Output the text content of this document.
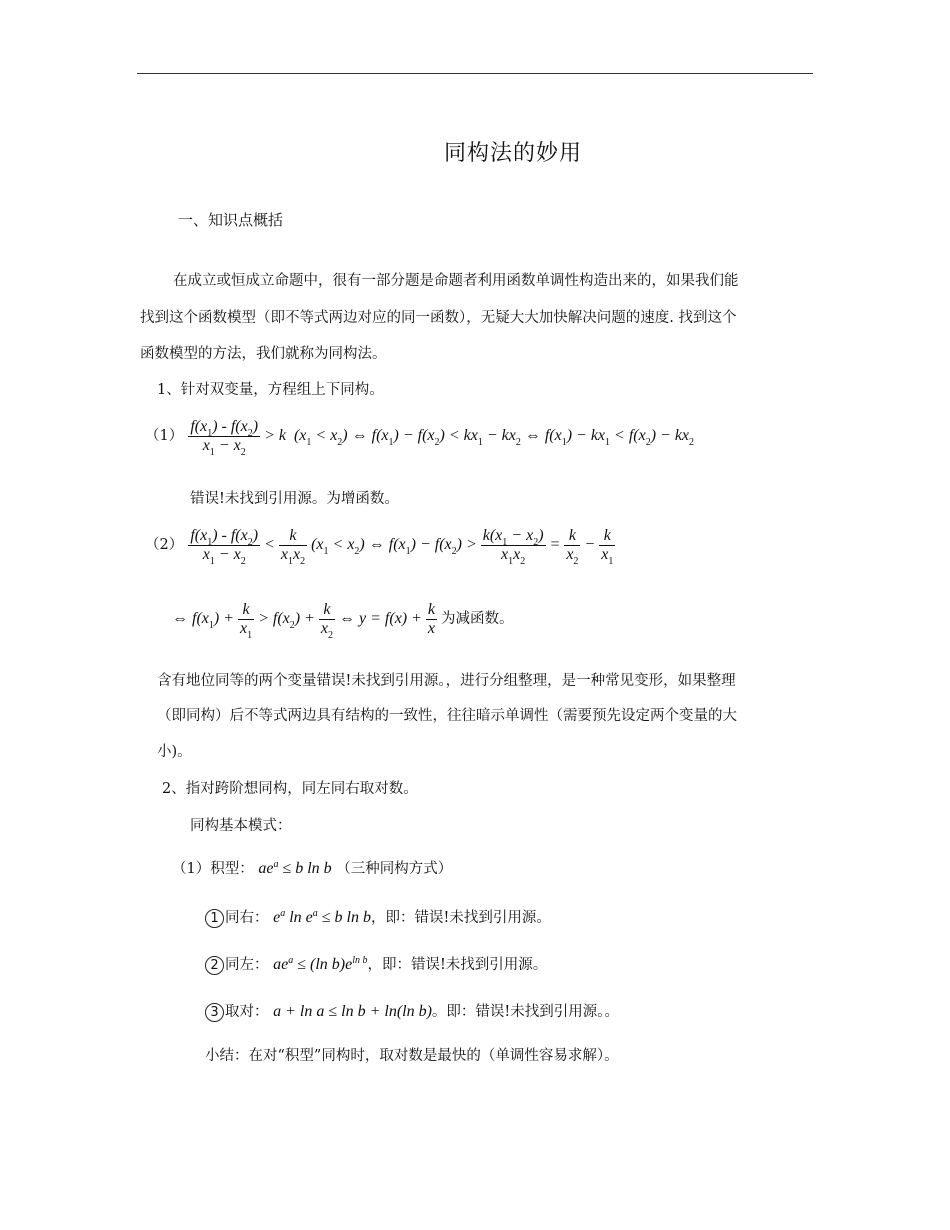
同构法的妙用
一、知识点概括
在成立或恒成立命题中，很有一部分题是命题者利用函数单调性构造出来的，如果我们能
找到这个函数模型（即不等式两边对应的同一函数），无疑大大加快解决问题的速度. 找到这个
函数模型的方法，我们就称为同构法。
1、针对双变量，方程组上下同构。
$(1) \frac{f(x_1) - f(x_2)}{x_1 - x_2} > k$  $(x_1 < x_2)$ ⇔ $f(x_1) - f(x_2) < kx_1 - kx_2$ ⇔ $f(x_1) - kx_1 < f(x_2) - kx_2$
错误!未找到引用源。为增函数。
$(2) \frac{f(x_1) - f(x_2)}{x_1 - x_2} < \frac{k}{x_1x_2} (x_1 < x_2)$ ⇔ $f(x_1) - f(x_2) > \frac{k(x_1 - x_2)}{x_1x_2} = \frac{k}{x_2} - \frac{k}{x_1}$
⇔ $f(x_1) + \frac{k}{x_1} > f(x_2) + \frac{k}{x_2}$ ⇔ $y = f(x) + \frac{k}{x}$ 为减函数。
含有地位同等的两个变量错误!未找到引用源。，进行分组整理，是一种常见变形，如果整理
（即同构）后不等式两边具有结构的一致性，往往暗示单调性（需要预先设定两个变量的大
小)。
2、指对跨阶想同构，同左同右取对数。
同构基本模式：
（1）积型： $ae^a \le b$ ln b （三种同构方式）
1 同右： $e^a$ $\ln e^a \le b$ ln b，即：错误!未找到引用源。
2 同左： $ae^a \le (\ln$ $b)e^{ln b}$，即：错误!未找到引用源。
3 取对： a + ln a ≤ ln b + ln(ln b)。即：错误!未找到引用源。。
小结：在对“积型”同构时，取对数是最快的（单调性容易求解）。
